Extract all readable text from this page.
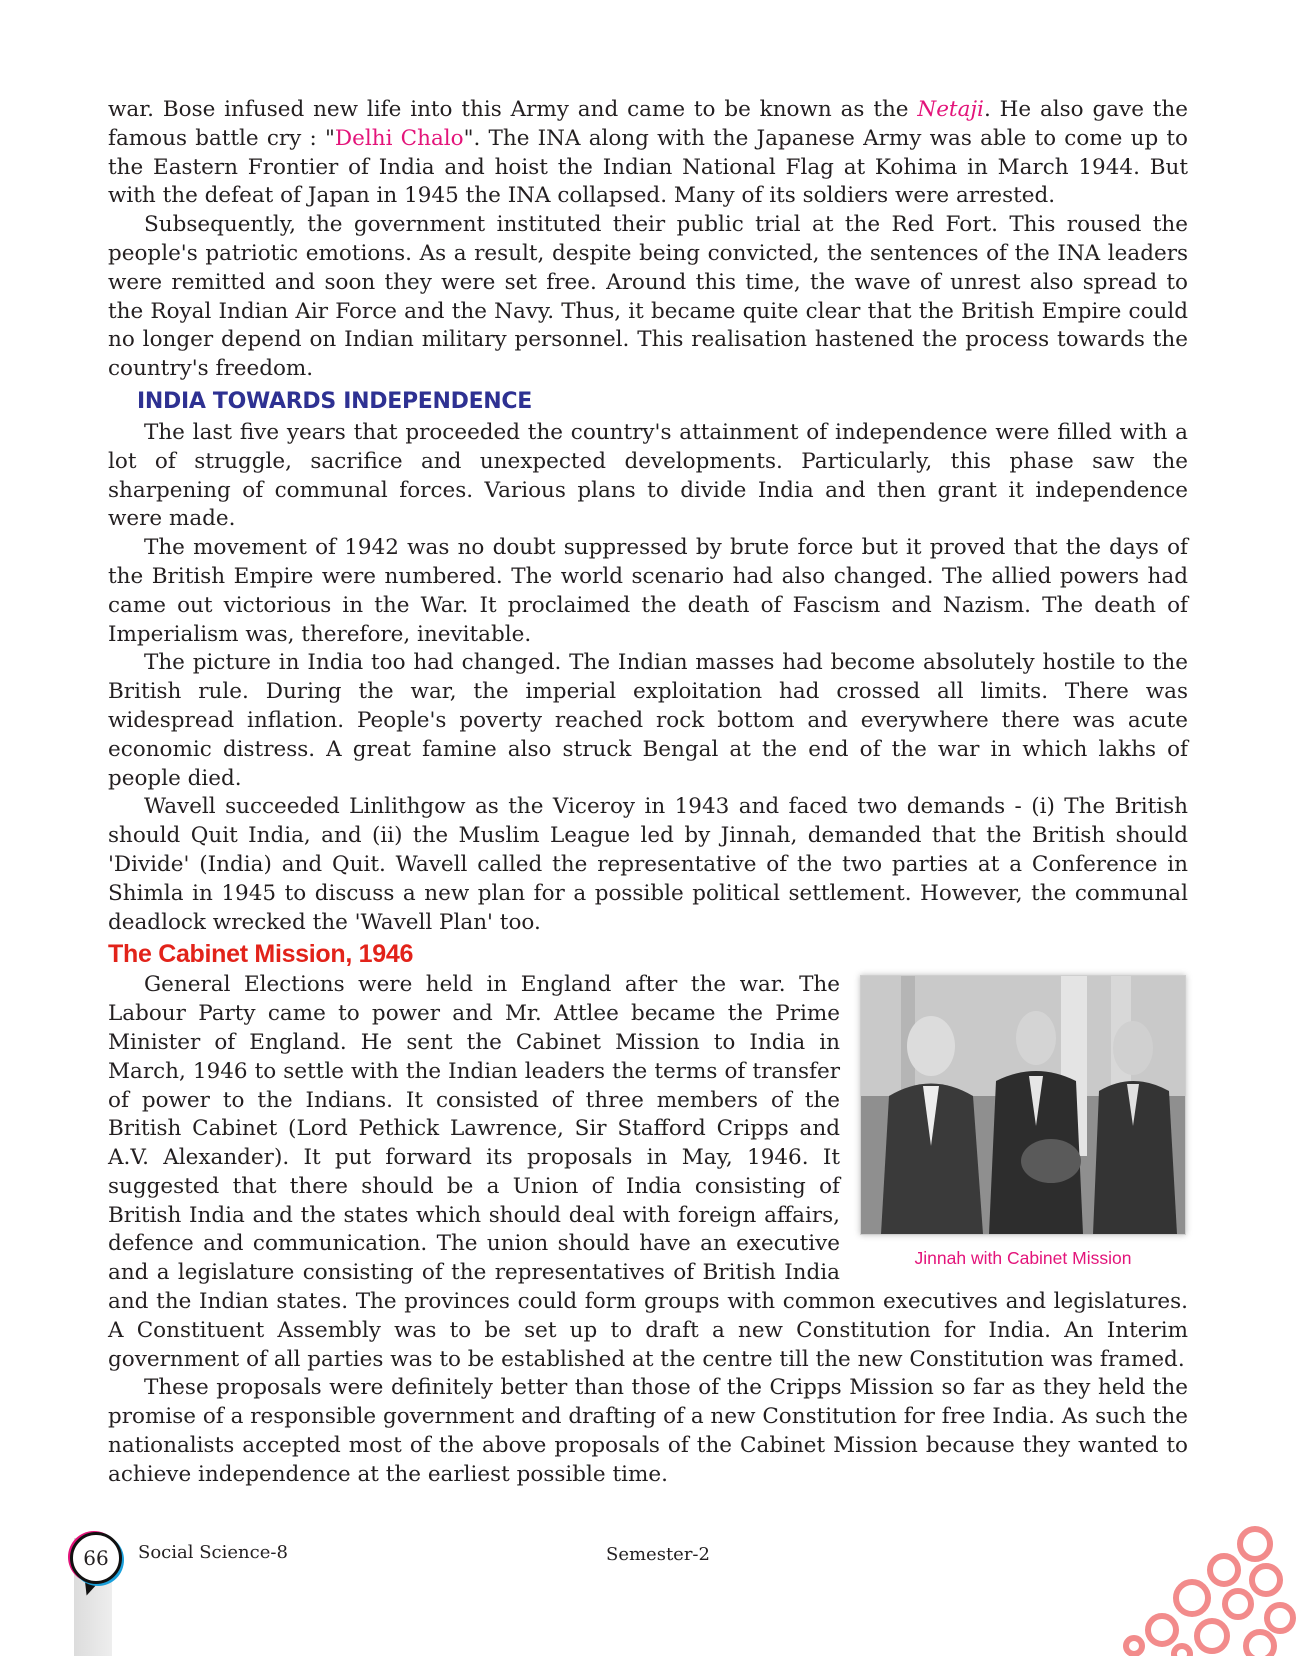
war. Bose infused new life into this Army and came to be known as the Netaji. He also gave the famous battle cry : "Delhi Chalo". The INA along with the Japanese Army was able to come up to the Eastern Frontier of India and hoist the Indian National Flag at Kohima in March 1944. But with the defeat of Japan in 1945 the INA collapsed. Many of its soldiers were arrested.

Subsequently, the government instituted their public trial at the Red Fort. This roused the people's patriotic emotions. As a result, despite being convicted, the sentences of the INA leaders were remitted and soon they were set free. Around this time, the wave of unrest also spread to the Royal Indian Air Force and the Navy. Thus, it became quite clear that the British Empire could no longer depend on Indian military personnel. This realisation hastened the process towards the country's freedom.

INDIA TOWARDS INDEPENDENCE

The last five years that proceeded the country's attainment of independence were filled with a lot of struggle, sacrifice and unexpected developments. Particularly, this phase saw the sharpening of communal forces. Various plans to divide India and then grant it independence were made.

The movement of 1942 was no doubt suppressed by brute force but it proved that the days of the British Empire were numbered. The world scenario had also changed. The allied powers had came out victorious in the War. It proclaimed the death of Fascism and Nazism. The death of Imperialism was, therefore, inevitable.

The picture in India too had changed. The Indian masses had become absolutely hostile to the British rule. During the war, the imperial exploitation had crossed all limits. There was widespread inflation. People's poverty reached rock bottom and everywhere there was acute economic distress. A great famine also struck Bengal at the end of the war in which lakhs of people died.

Wavell succeeded Linlithgow as the Viceroy in 1943 and faced two demands - (i) The British should Quit India, and (ii) the Muslim League led by Jinnah, demanded that the British should 'Divide' (India) and Quit. Wavell called the representative of the two parties at a Conference in Shimla in 1945 to discuss a new plan for a possible political settlement. However, the communal deadlock wrecked the 'Wavell Plan' too.

The Cabinet Mission, 1946
Jinnah with Cabinet Mission

General Elections were held in England after the war. The Labour Party came to power and Mr. Attlee became the Prime Minister of England. He sent the Cabinet Mission to India in March, 1946 to settle with the Indian leaders the terms of transfer of power to the Indians. It consisted of three members of the British Cabinet (Lord Pethick Lawrence, Sir Stafford Cripps and A.V. Alexander). It put forward its proposals in May, 1946. It suggested that there should be a Union of India consisting of British India and the states which should deal with foreign affairs, defence and communication. The union should have an executive and a legislature consisting of the representatives of British India and the Indian states. The provinces could form groups with common executives and legislatures. A Constituent Assembly was to be set up to draft a new Constitution for India. An Interim government of all parties was to be established at the centre till the new Constitution was framed.

These proposals were definitely better than those of the Cripps Mission so far as they held the promise of a responsible government and drafting of a new Constitution for free India. As such the nationalists accepted most of the above proposals of the Cabinet Mission because they wanted to achieve independence at the earliest possible time.

66	Social Science-8	Semester-2
